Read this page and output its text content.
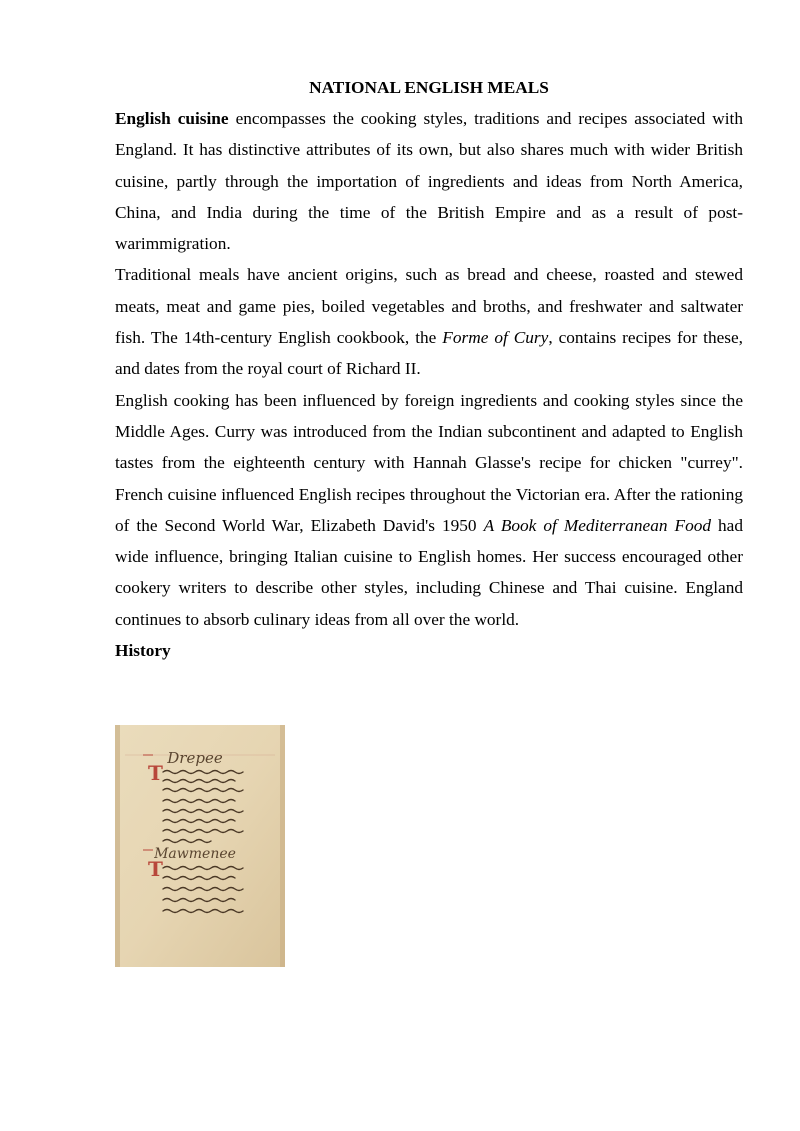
NATIONAL ENGLISH MEALS

English cuisine encompasses the cooking styles, traditions and recipes associated with England. It has distinctive attributes of its own, but also shares much with wider British cuisine, partly through the importation of ingredients and ideas from North America, China, and India during the time of the British Empire and as a result of post-warimmigration.

Traditional meals have ancient origins, such as bread and cheese, roasted and stewed meats, meat and game pies, boiled vegetables and broths, and freshwater and saltwater fish. The 14th-century English cookbook, the Forme of Cury, contains recipes for these, and dates from the royal court of Richard II.

English cooking has been influenced by foreign ingredients and cooking styles since the Middle Ages. Curry was introduced from the Indian subcontinent and adapted to English tastes from the eighteenth century with Hannah Glasse's recipe for chicken "currey". French cuisine influenced English recipes throughout the Victorian era. After the rationing of the Second World War, Elizabeth David's 1950 A Book of Mediterranean Food had wide influence, bringing Italian cuisine to English homes. Her success encouraged other cookery writers to describe other styles, including Chinese and Thai cuisine. England continues to absorb culinary ideas from all over the world.

History

Drepee
T
Mawmenee
T
